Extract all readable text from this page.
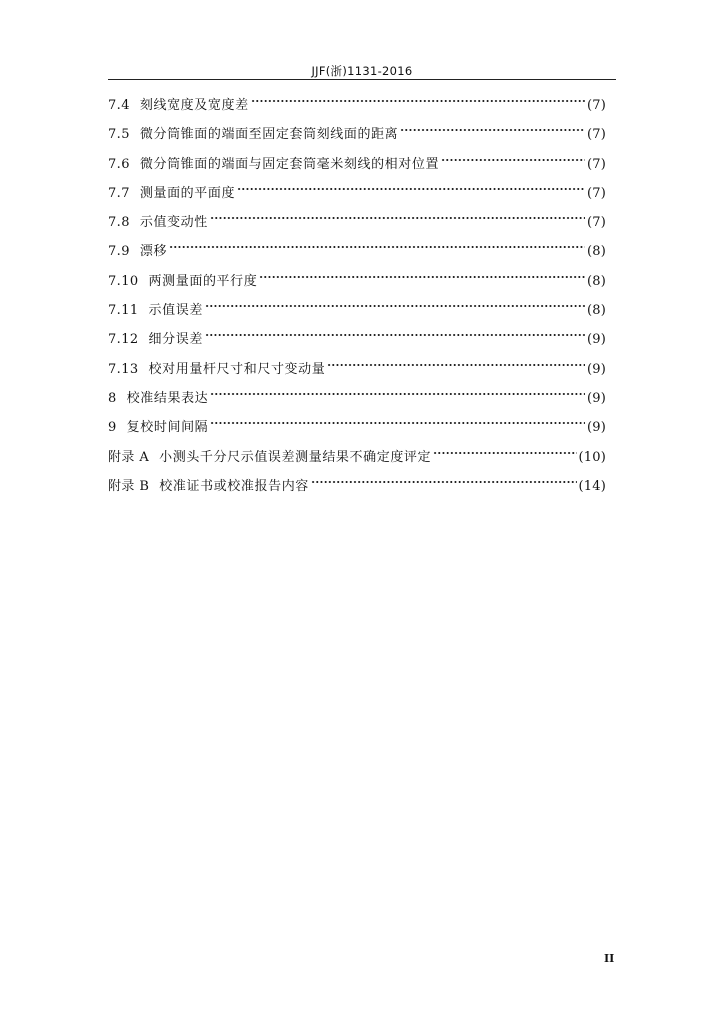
JJF(浙)1131-2016
7.4 刻线宽度及宽度差	(7)
7.5 微分筒锥面的端面至固定套筒刻线面的距离	(7)
7.6 微分筒锥面的端面与固定套筒毫米刻线的相对位置	(7)
7.7 测量面的平面度	(7)
7.8 示值变动性	(7)
7.9 漂移	(8)
7.10 两测量面的平行度	(8)
7.11 示值误差	(8)
7.12 细分误差	(9)
7.13 校对用量杆尺寸和尺寸变动量	(9)
8 校准结果表达	(9)
9 复校时间间隔	(9)
附录 A 小测头千分尺示值误差测量结果不确定度评定	(10)
附录 B 校准证书或校准报告内容	(14)
II
